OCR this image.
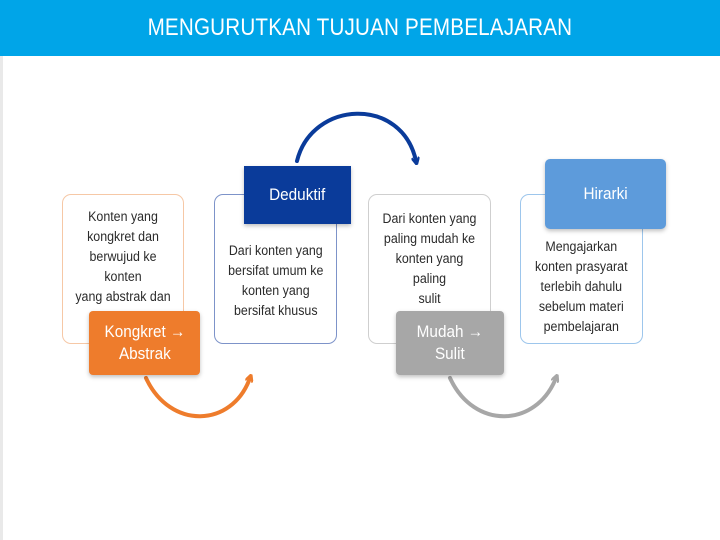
MENGURUTKAN TUJUAN PEMBELAJARAN
Konten yang
kongkret dan
berwujud ke konten
yang abstrak dan
Kongkret →
Abstrak
Dari konten yang
bersifat umum ke
konten yang
bersifat khusus
Deduktif
Dari konten yang
paling mudah ke
konten yang paling
sulit
Mudah →
Sulit
Mengajarkan
konten prasyarat
terlebih dahulu
sebelum materi
pembelajaran
Hirarki
